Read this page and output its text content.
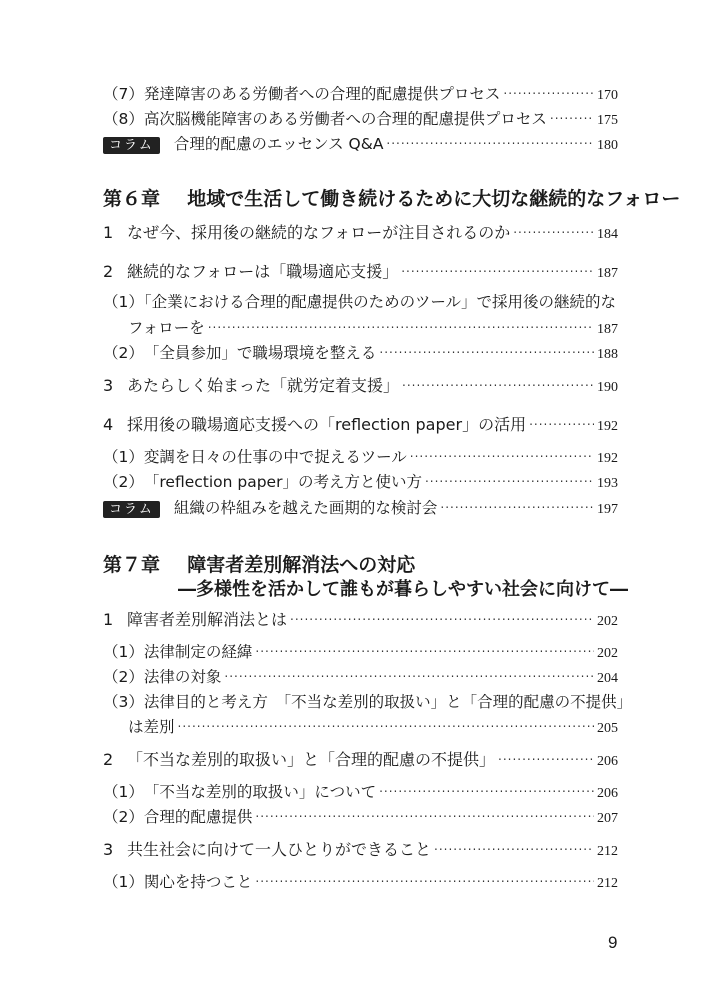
（7） 発達障害のある労働者への合理的配慮提供プロセス .....	170
（8） 高次脳機能障害のある労働者への合理的配慮提供プロセス .....	175
コラム	合理的配慮のエッセンス Q&A .....	180
第６章 地域で生活して働き続けるために大切な継続的なフォロー
1 なぜ今、採用後の継続的なフォローが注目されるのか .....	184
2 継続的なフォローは「職場適応支援」 .....	187
（1）「企業における合理的配慮提供のためのツール」で採用後の継続的な
フォローを .....	187
（2） 「全員参加」で職場環境を整える .....	188
3 あたらしく始まった「就労定着支援」 .....	190
4 採用後の職場適応支援への「reflection paper」の活用 .....	192
（1） 変調を日々の仕事の中で捉えるツール .....	192
（2） 「reflection paper」の考え方と使い方 .....	193
コラム	組織の枠組みを越えた画期的な検討会 .....	197
第７章 障害者差別解消法への対応
―多様性を活かして誰もが暮らしやすい社会に向けて―
1 障害者差別解消法とは .....	202
（1） 法律制定の経緯 .....	202
（2） 法律の対象 .....	204
（3）法律目的と考え方　「不当な差別的取扱い」と「合理的配慮の不提供」
は差別 .....	205
2 「不当な差別的取扱い」と「合理的配慮の不提供」 .....	206
（1） 「不当な差別的取扱い」について .....	206
（2） 合理的配慮提供 .....	207
3 共生社会に向けて一人ひとりができること .....	212
（1） 関心を持つこと .....	212
9
